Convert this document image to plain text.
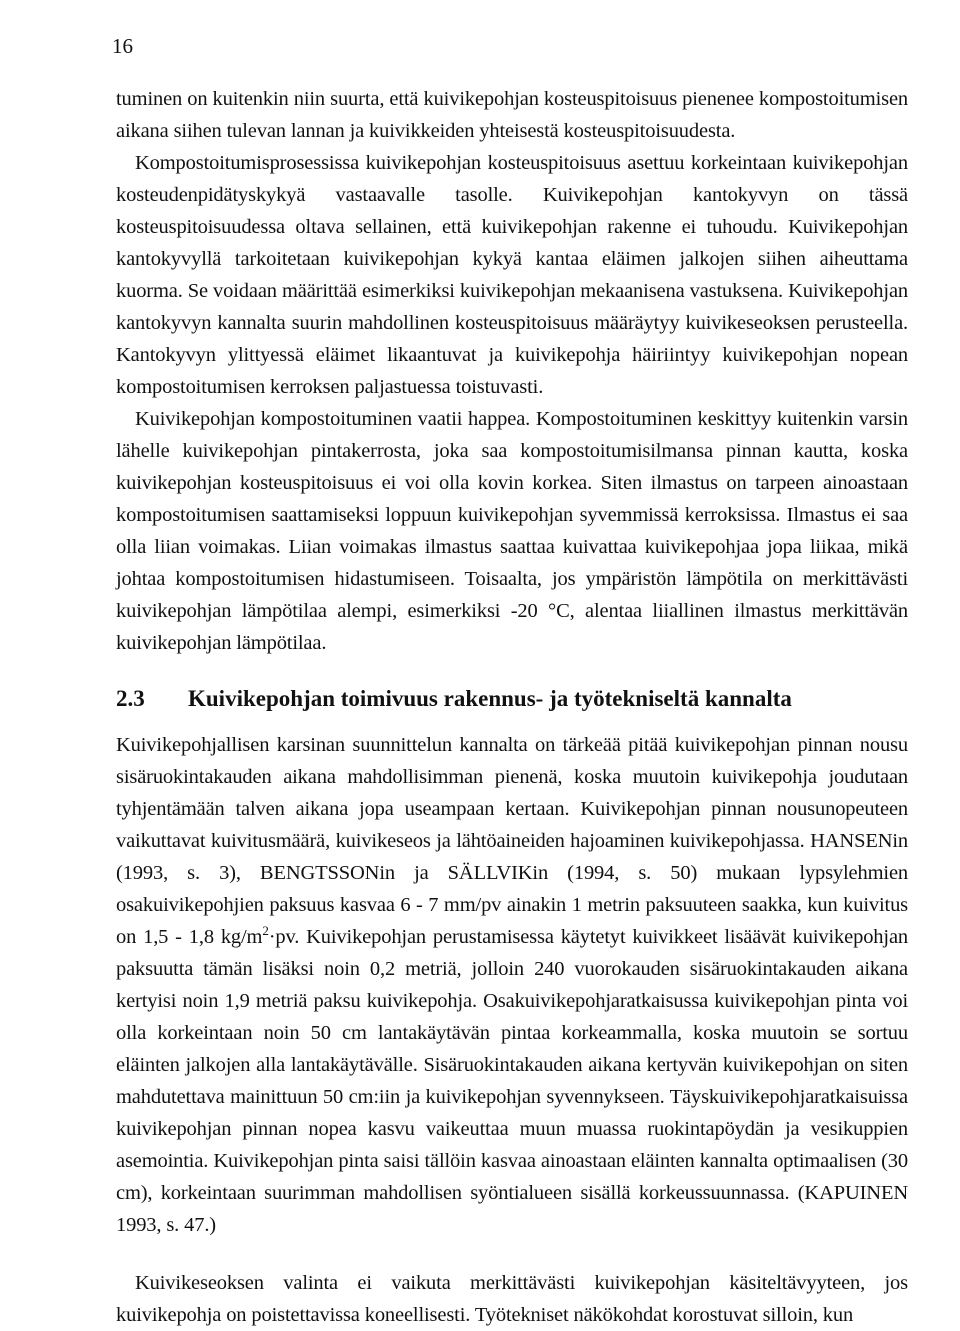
16

tuminen on kuitenkin niin suurta, että kuivikepohjan kosteuspitoisuus pienenee kompostoitumisen aikana siihen tulevan lannan ja kuivikkeiden yhteisestä kosteuspitoisuudesta.

Kompostoitumisprosessissa kuivikepohjan kosteuspitoisuus asettuu korkeintaan kuivikepohjan kosteudenpidätyskykyä vastaavalle tasolle. Kuivikepohjan kantokyvyn on tässä kosteuspitoisuudessa oltava sellainen, että kuivikepohjan rakenne ei tuhoudu. Kuivikepohjan kantokyvyllä tarkoitetaan kuivikepohjan kykyä kantaa eläimen jalkojen siihen aiheuttama kuorma. Se voidaan määrittää esimerkiksi kuivikepohjan mekaanisena vastuksena. Kuivikepohjan kantokyvyn kannalta suurin mahdollinen kosteuspitoisuus määräytyy kuivikeseoksen perusteella. Kantokyvyn ylittyessä eläimet likaantuvat ja kuivikepohja häiriintyy kuivikepohjan nopean kompostoitumisen kerroksen paljastuessa toistuvasti.

Kuivikepohjan kompostoituminen vaatii happea. Kompostoituminen keskittyy kuitenkin varsin lähelle kuivikepohjan pintakerrosta, joka saa kompostoitumisilmansa pinnan kautta, koska kuivikepohjan kosteuspitoisuus ei voi olla kovin korkea. Siten ilmastus on tarpeen ainoastaan kompostoitumisen saattamiseksi loppuun kuivikepohjan syvemmissä kerroksissa. Ilmastus ei saa olla liian voimakas. Liian voimakas ilmastus saattaa kuivattaa kuivikepohjaa jopa liikaa, mikä johtaa kompostoitumisen hidastumiseen. Toisaalta, jos ympäristön lämpötila on merkittävästi kuivikepohjan lämpötilaa alempi, esimerkiksi -20 °C, alentaa liiallinen ilmastus merkittävän kuivikepohjan lämpötilaa.

2.3 Kuivikepohjan toimivuus rakennus- ja työtekniseltä kannalta

Kuivikepohjallisen karsinan suunnittelun kannalta on tärkeää pitää kuivikepohjan pinnan nousu sisäruokintakauden aikana mahdollisimman pienenä, koska muutoin kuivikepohja joudutaan tyhjentämään talven aikana jopa useampaan kertaan. Kuivikepohjan pinnan nousunopeuteen vaikuttavat kuivitusmäärä, kuivikeseos ja lähtöaineiden hajoaminen kuivikepohjassa. HANSENin (1993, s. 3), BENGTSSONin ja SÄLLVIKin (1994, s. 50) mukaan lypsylehmien osakuivikepohjien paksuus kasvaa 6 - 7 mm/pv ainakin 1 metrin paksuuteen saakka, kun kuivitus on 1,5 - 1,8 $kg/m^2\cdot pv$. Kuivikepohjan perustamisessa käytetyt kuivikkeet lisäävät kuivikepohjan paksuutta tämän lisäksi noin 0,2 metriä, jolloin 240 vuorokauden sisäruokintakauden aikana kertyisi noin 1,9 metriä paksu kuivikepohja. Osakuivikepohjaratkaisussa kuivikepohjan pinta voi olla korkeintaan noin 50 cm lantakäytävän pintaa korkeammalla, koska muutoin se sortuu eläinten jalkojen alla lantakäytävälle. Sisäruokintakauden aikana kertyvän kuivikepohjan on siten mahdutettava mainittuun 50 cm:iin ja kuivikepohjan syvennykseen. Täyskuivikepohjaratkaisuissa kuivikepohjan pinnan nopea kasvu vaikeuttaa muun muassa ruokintapöydän ja vesikuppien asemointia. Kuivikepohjan pinta saisi tällöin kasvaa ainoastaan eläinten kannalta optimaalisen (30 cm), korkeintaan suurimman mahdollisen syöntialueen sisällä korkeussuunnassa. (KAPUINEN 1993, s. 47.)

Kuivikeseoksen valinta ei vaikuta merkittävästi kuivikepohjan käsiteltävyyteen, jos kuivikepohja on poistettavissa koneellisesti. Työtekniset näkökohdat korostuvat silloin, kun
